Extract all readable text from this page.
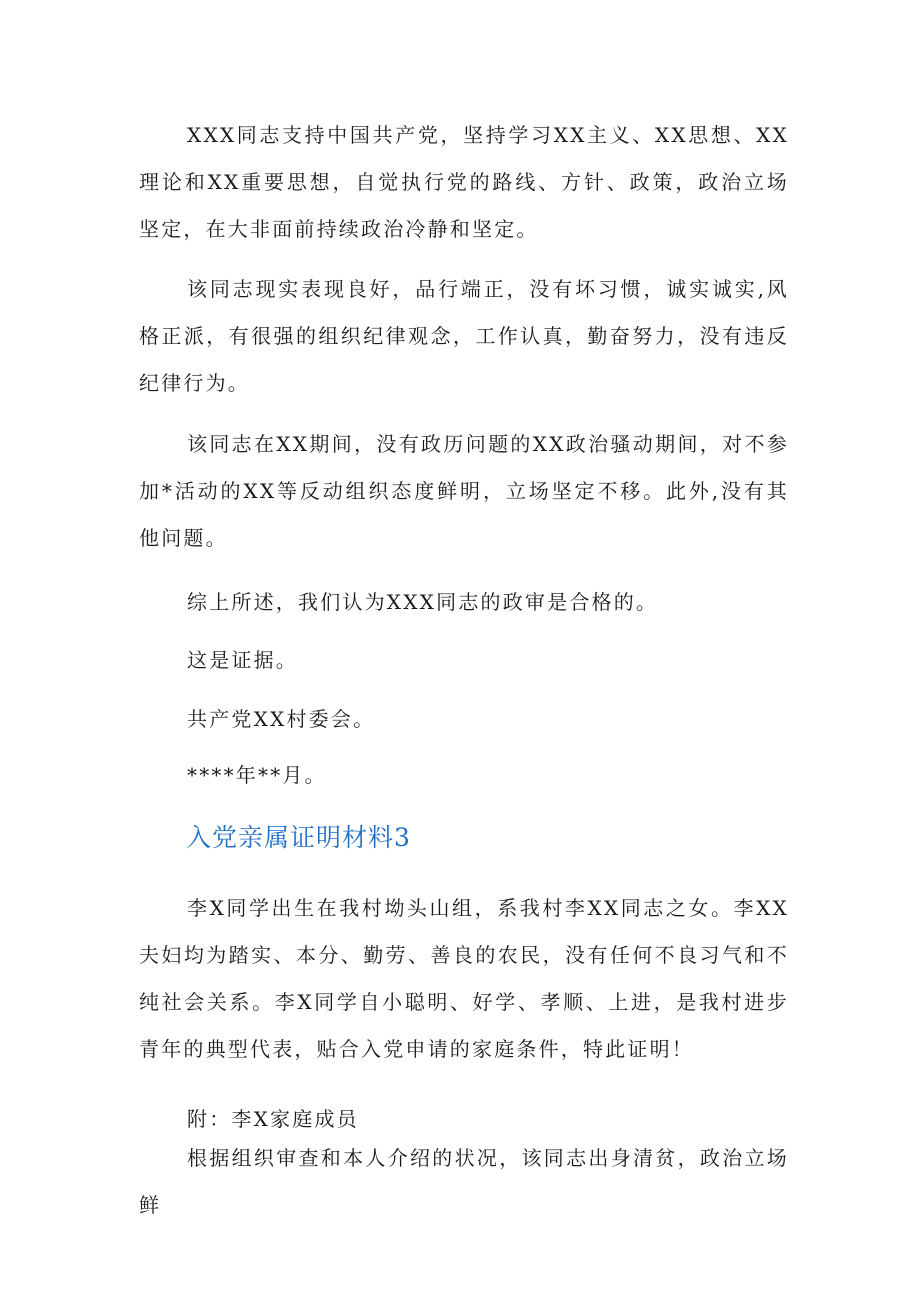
XXX同志支持中国共产党，坚持学习XX主义、XX思想、XX理论和XX重要思想，自觉执行党的路线、方针、政策，政治立场坚定，在大非面前持续政治冷静和坚定。

该同志现实表现良好，品行端正，没有坏习惯，诚实诚实,风格正派，有很强的组织纪律观念，工作认真，勤奋努力，没有违反纪律行为。

该同志在XX期间，没有政历问题的XX政治骚动期间，对不参加*活动的XX等反动组织态度鲜明，立场坚定不移。此外,没有其他问题。

综上所述，我们认为XXX同志的政审是合格的。

这是证据。

共产党XX村委会。

****年**月。

入党亲属证明材料3

李X同学出生在我村坳头山组，系我村李XX同志之女。李XX夫妇均为踏实、本分、勤劳、善良的农民，没有任何不良习气和不纯社会关系。李X同学自小聪明、好学、孝顺、上进，是我村进步青年的典型代表，贴合入党申请的家庭条件，特此证明！

附：李X家庭成员

根据组织审查和本人介绍的状况，该同志出身清贫，政治立场鲜
